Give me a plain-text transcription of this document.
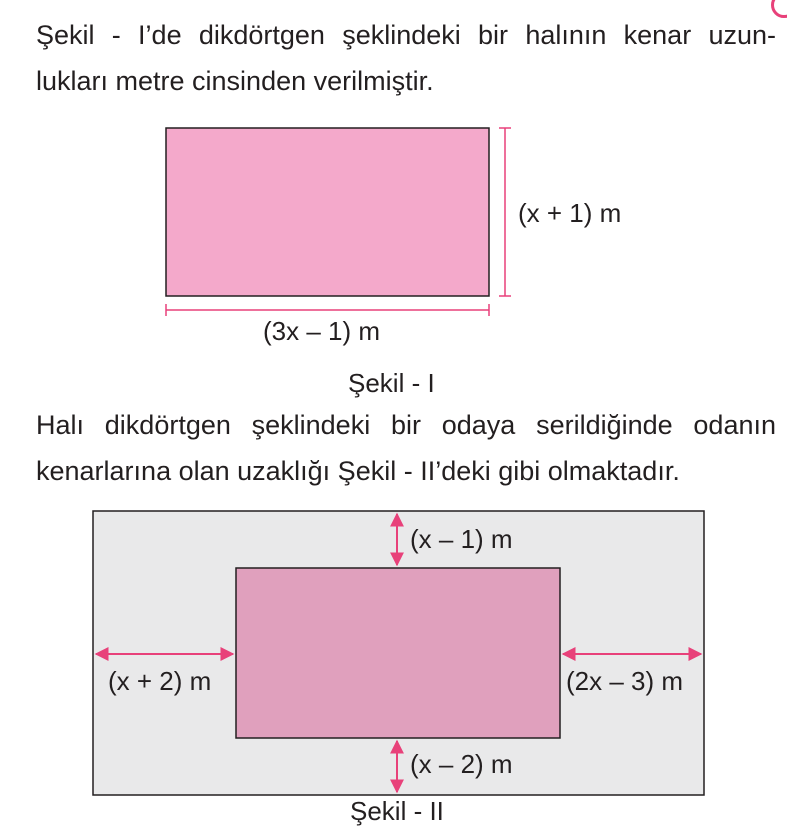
Şekil - I’de dikdörtgen şeklindeki bir halının kenar uzun-
lukları metre cinsinden verilmiştir.
(x + 1) m
(3x – 1) m
Şekil - I
Halı dikdörtgen şeklindeki bir odaya serildiğinde odanın
kenarlarına olan uzaklığı Şekil - II’deki gibi olmaktadır.
(x – 1) m
(x – 2) m
(x + 2) m	(2x – 3) m
Şekil - II
